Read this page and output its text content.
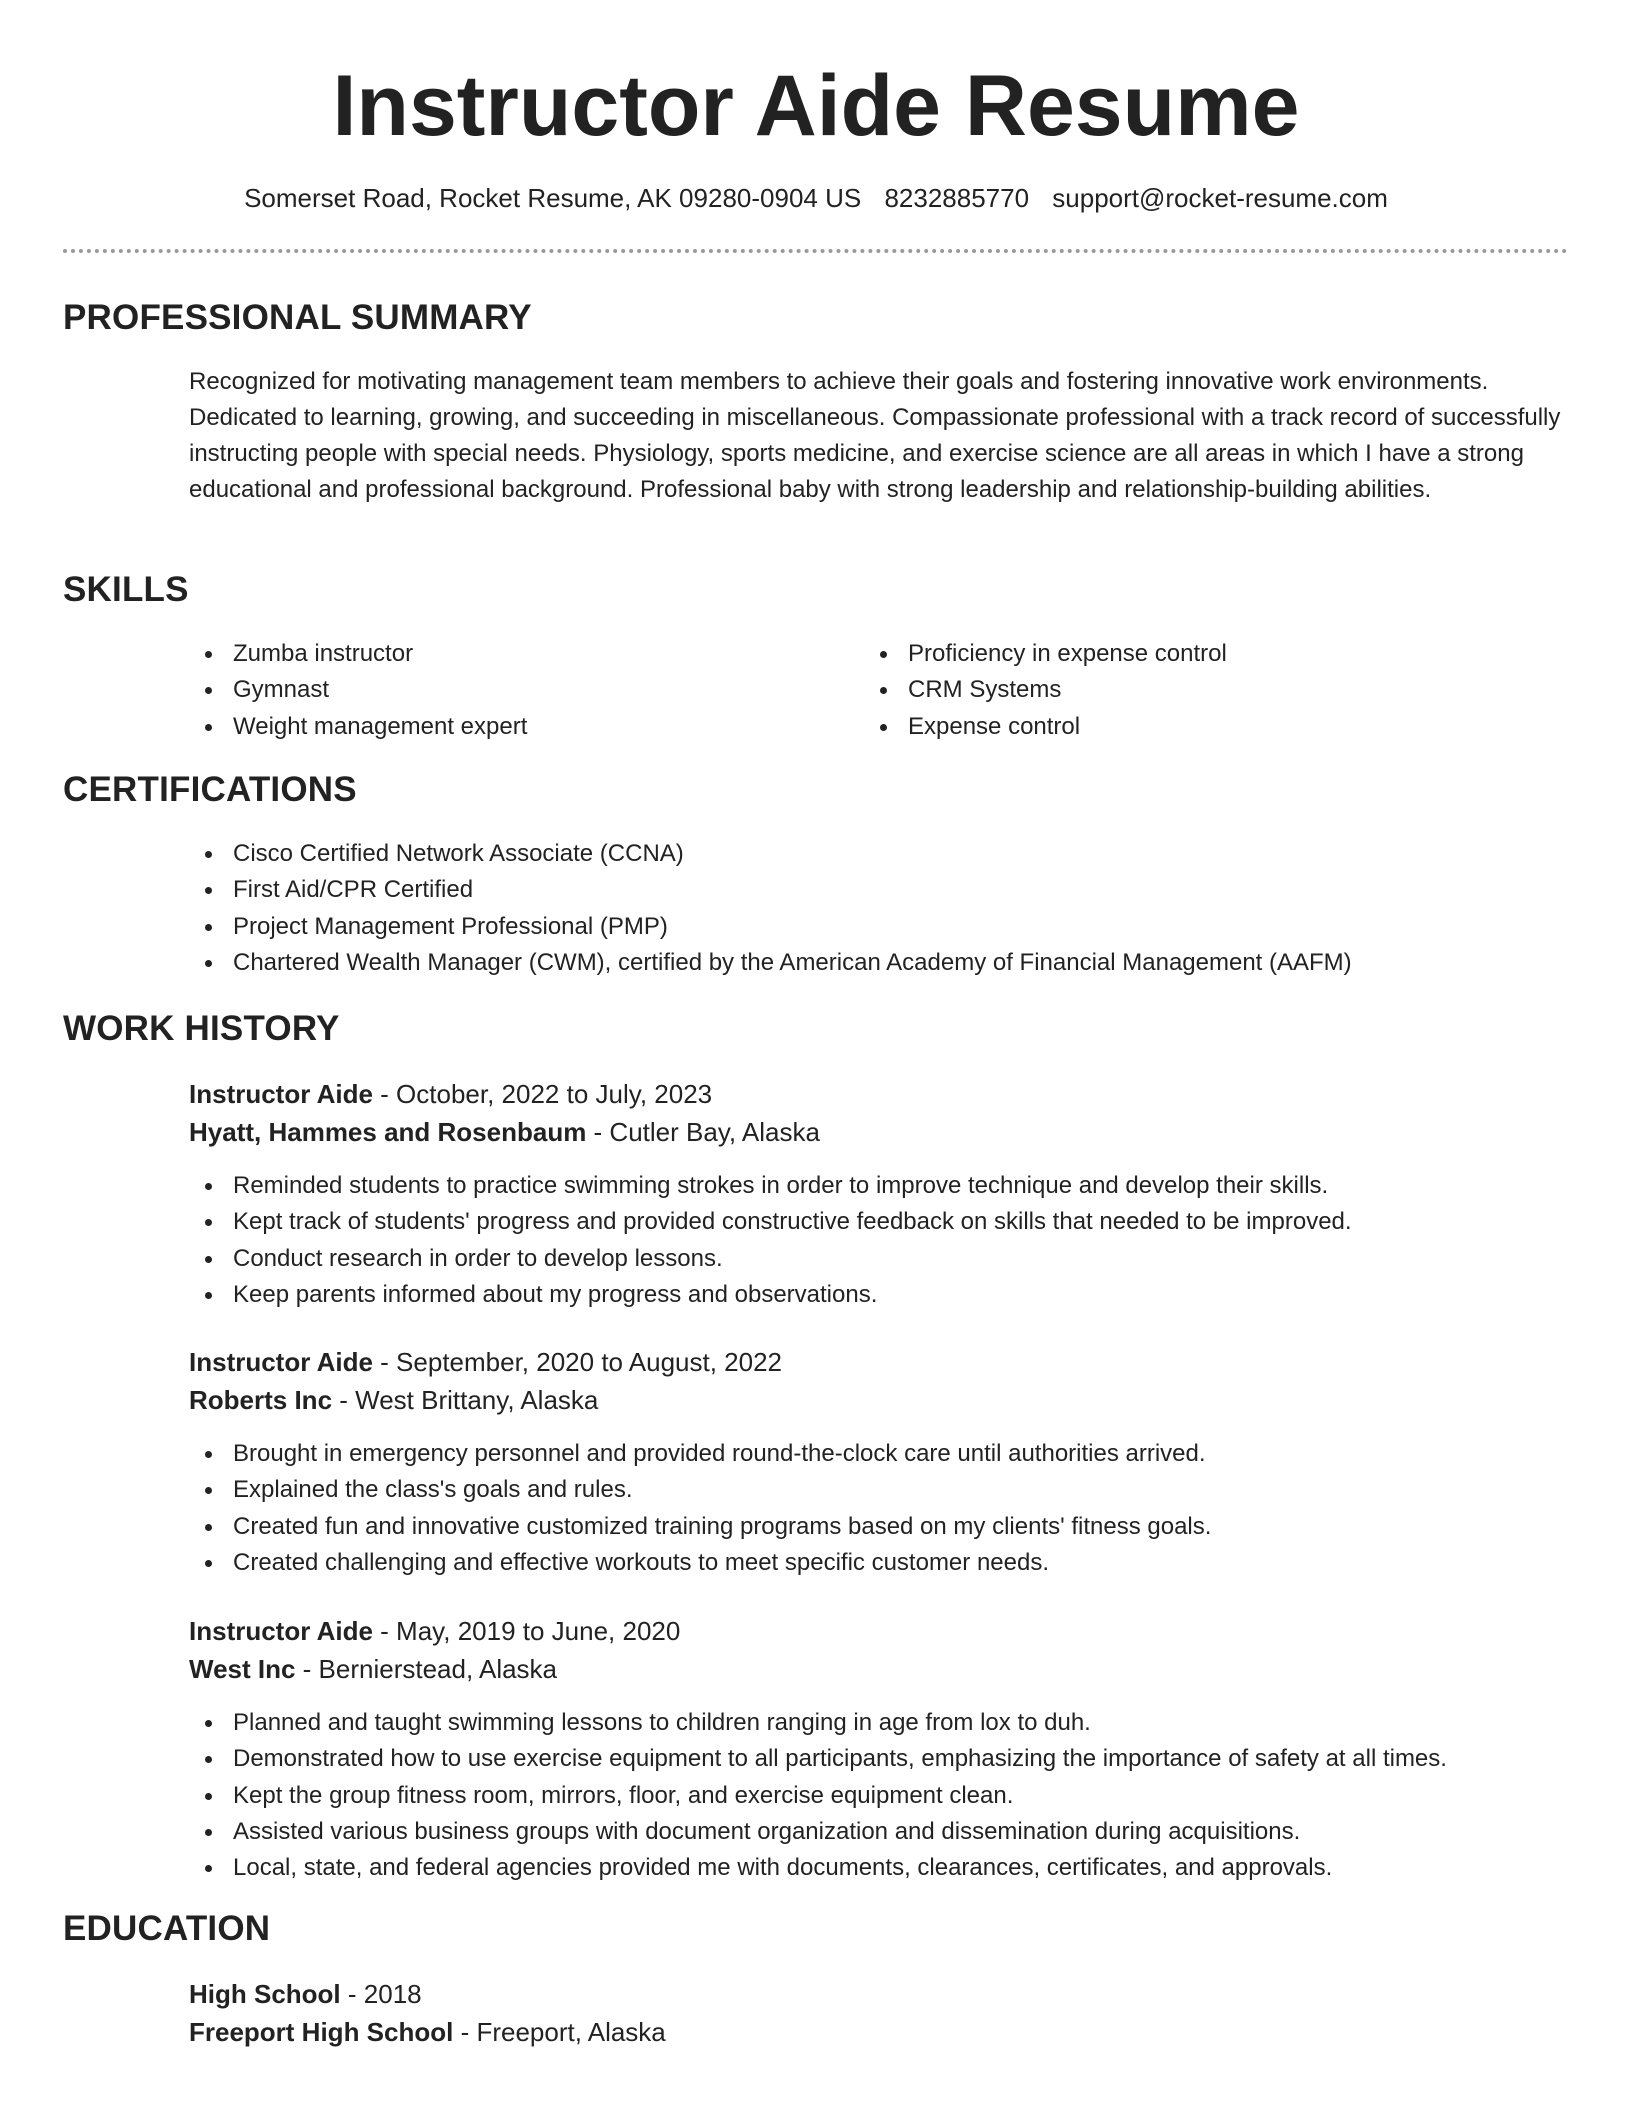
Instructor Aide Resume
Somerset Road, Rocket Resume, AK 09280-0904 US 8232885770 support@rocket-resume.com
PROFESSIONAL SUMMARY
Recognized for motivating management team members to achieve their goals and fostering innovative work environments. Dedicated to learning, growing, and succeeding in miscellaneous. Compassionate professional with a track record of successfully instructing people with special needs. Physiology, sports medicine, and exercise science are all areas in which I have a strong educational and professional background. Professional baby with strong leadership and relationship-building abilities.
SKILLS
Zumba instructor
Gymnast
Weight management expert
Proficiency in expense control
CRM Systems
Expense control
CERTIFICATIONS
Cisco Certified Network Associate (CCNA)
First Aid/CPR Certified
Project Management Professional (PMP)
Chartered Wealth Manager (CWM), certified by the American Academy of Financial Management (AAFM)
WORK HISTORY
Instructor Aide - October, 2022 to July, 2023
Hyatt, Hammes and Rosenbaum - Cutler Bay, Alaska
Reminded students to practice swimming strokes in order to improve technique and develop their skills.
Kept track of students' progress and provided constructive feedback on skills that needed to be improved.
Conduct research in order to develop lessons.
Keep parents informed about my progress and observations.
Instructor Aide - September, 2020 to August, 2022
Roberts Inc - West Brittany, Alaska
Brought in emergency personnel and provided round-the-clock care until authorities arrived.
Explained the class's goals and rules.
Created fun and innovative customized training programs based on my clients' fitness goals.
Created challenging and effective workouts to meet specific customer needs.
Instructor Aide - May, 2019 to June, 2020
West Inc - Bernierstead, Alaska
Planned and taught swimming lessons to children ranging in age from lox to duh.
Demonstrated how to use exercise equipment to all participants, emphasizing the importance of safety at all times.
Kept the group fitness room, mirrors, floor, and exercise equipment clean.
Assisted various business groups with document organization and dissemination during acquisitions.
Local, state, and federal agencies provided me with documents, clearances, certificates, and approvals.
EDUCATION
High School - 2018
Freeport High School - Freeport, Alaska
